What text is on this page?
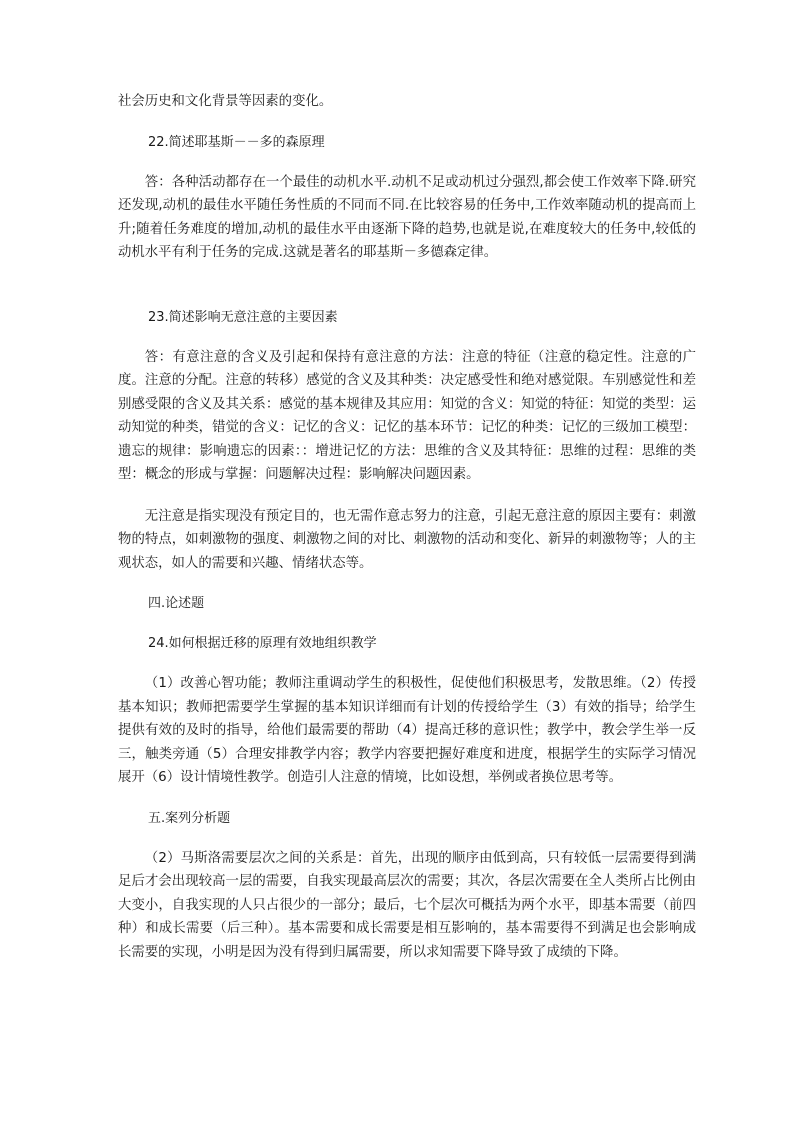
社会历史和文化背景等因素的变化。

22.简述耶基斯－－多的森原理

答：各种活动都存在一个最佳的动机水平.动机不足或动机过分强烈,都会使工作效率下降.研究还发现,动机的最佳水平随任务性质的不同而不同.在比较容易的任务中,工作效率随动机的提高而上升;随着任务难度的增加,动机的最佳水平由逐渐下降的趋势,也就是说,在难度较大的任务中,较低的动机水平有利于任务的完成.这就是著名的耶基斯－多德森定律。

23.简述影响无意注意的主要因素

答：有意注意的含义及引起和保持有意注意的方法：注意的特征（注意的稳定性。注意的广度。注意的分配。注意的转移）感觉的含义及其种类：决定感受性和绝对感觉限。车别感觉性和差别感受限的含义及其关系：感觉的基本规律及其应用：知觉的含义：知觉的特征：知觉的类型：运动知觉的种类，错觉的含义：记忆的含义：记忆的基本环节：记忆的种类：记忆的三级加工模型：遗忘的规律：影响遗忘的因素：：增进记忆的方法：思维的含义及其特征：思维的过程：思维的类型：概念的形成与掌握：问题解决过程：影响解决问题因素。

无注意是指实现没有预定目的，也无需作意志努力的注意，引起无意注意的原因主要有：刺激物的特点，如刺激物的强度、刺激物之间的对比、刺激物的活动和变化、新异的刺激物等；人的主观状态，如人的需要和兴趣、情绪状态等。

四.论述题

24.如何根据迁移的原理有效地组织教学

（1）改善心智功能；教师注重调动学生的积极性，促使他们积极思考，发散思维。（2）传授基本知识；教师把需要学生掌握的基本知识详细而有计划的传授给学生（3）有效的指导；给学生提供有效的及时的指导，给他们最需要的帮助（4）提高迁移的意识性；教学中，教会学生举一反三，触类旁通（5）合理安排教学内容；教学内容要把握好难度和进度，根据学生的实际学习情况展开（6）设计情境性教学。创造引人注意的情境，比如设想，举例或者换位思考等。

五.案列分析题

（2）马斯洛需要层次之间的关系是：首先，出现的顺序由低到高，只有较低一层需要得到满足后才会出现较高一层的需要，自我实现最高层次的需要；其次，各层次需要在全人类所占比例由大变小，自我实现的人只占很少的一部分；最后，七个层次可概括为两个水平，即基本需要（前四种）和成长需要（后三种）。基本需要和成长需要是相互影响的，基本需要得不到满足也会影响成长需要的实现，小明是因为没有得到归属需要，所以求知需要下降导致了成绩的下降。
